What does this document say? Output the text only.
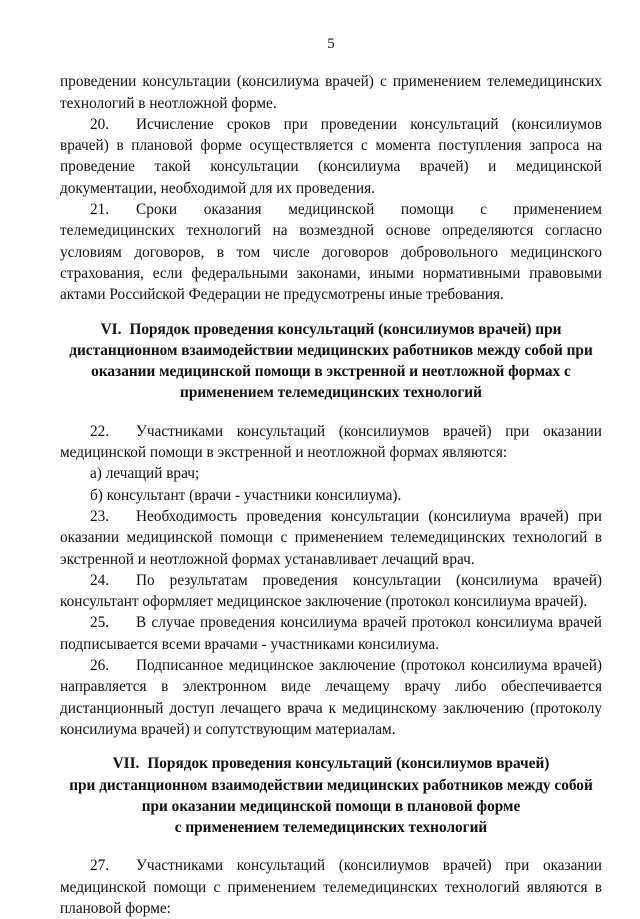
5

проведении консультации (консилиума врачей) с применением телемедицинских технологий в неотложной форме.

20. Исчисление сроков при проведении консультаций (консилиумов врачей) в плановой форме осуществляется с момента поступления запроса на проведение такой консультации (консилиума врачей) и медицинской документации, необходимой для их проведения.

21. Сроки оказания медицинской помощи с применением телемедицинских технологий на возмездной основе определяются согласно условиям договоров, в том числе договоров добровольного медицинского страхования, если федеральными законами, иными нормативными правовыми актами Российской Федерации не предусмотрены иные требования.

VI. Порядок проведения консультаций (консилиумов врачей) при дистанционном взаимодействии медицинских работников между собой при оказании медицинской помощи в экстренной и неотложной формах с применением телемедицинских технологий

22. Участниками консультаций (консилиумов врачей) при оказании медицинской помощи в экстренной и неотложной формах являются:

а) лечащий врач;

б) консультант (врачи - участники консилиума).

23. Необходимость проведения консультации (консилиума врачей) при оказании медицинской помощи с применением телемедицинских технологий в экстренной и неотложной формах устанавливает лечащий врач.

24. По результатам проведения консультации (консилиума врачей) консультант оформляет медицинское заключение (протокол консилиума врачей).

25. В случае проведения консилиума врачей протокол консилиума врачей подписывается всеми врачами - участниками консилиума.

26. Подписанное медицинское заключение (протокол консилиума врачей) направляется в электронном виде лечащему врачу либо обеспечивается дистанционный доступ лечащего врача к медицинскому заключению (протоколу консилиума врачей) и сопутствующим материалам.

VII. Порядок проведения консультаций (консилиумов врачей)
при дистанционном взаимодействии медицинских работников между собой
при оказании медицинской помощи в плановой форме
с применением телемедицинских технологий

27. Участниками консультаций (консилиумов врачей) при оказании медицинской помощи с применением телемедицинских технологий являются в плановой форме:
